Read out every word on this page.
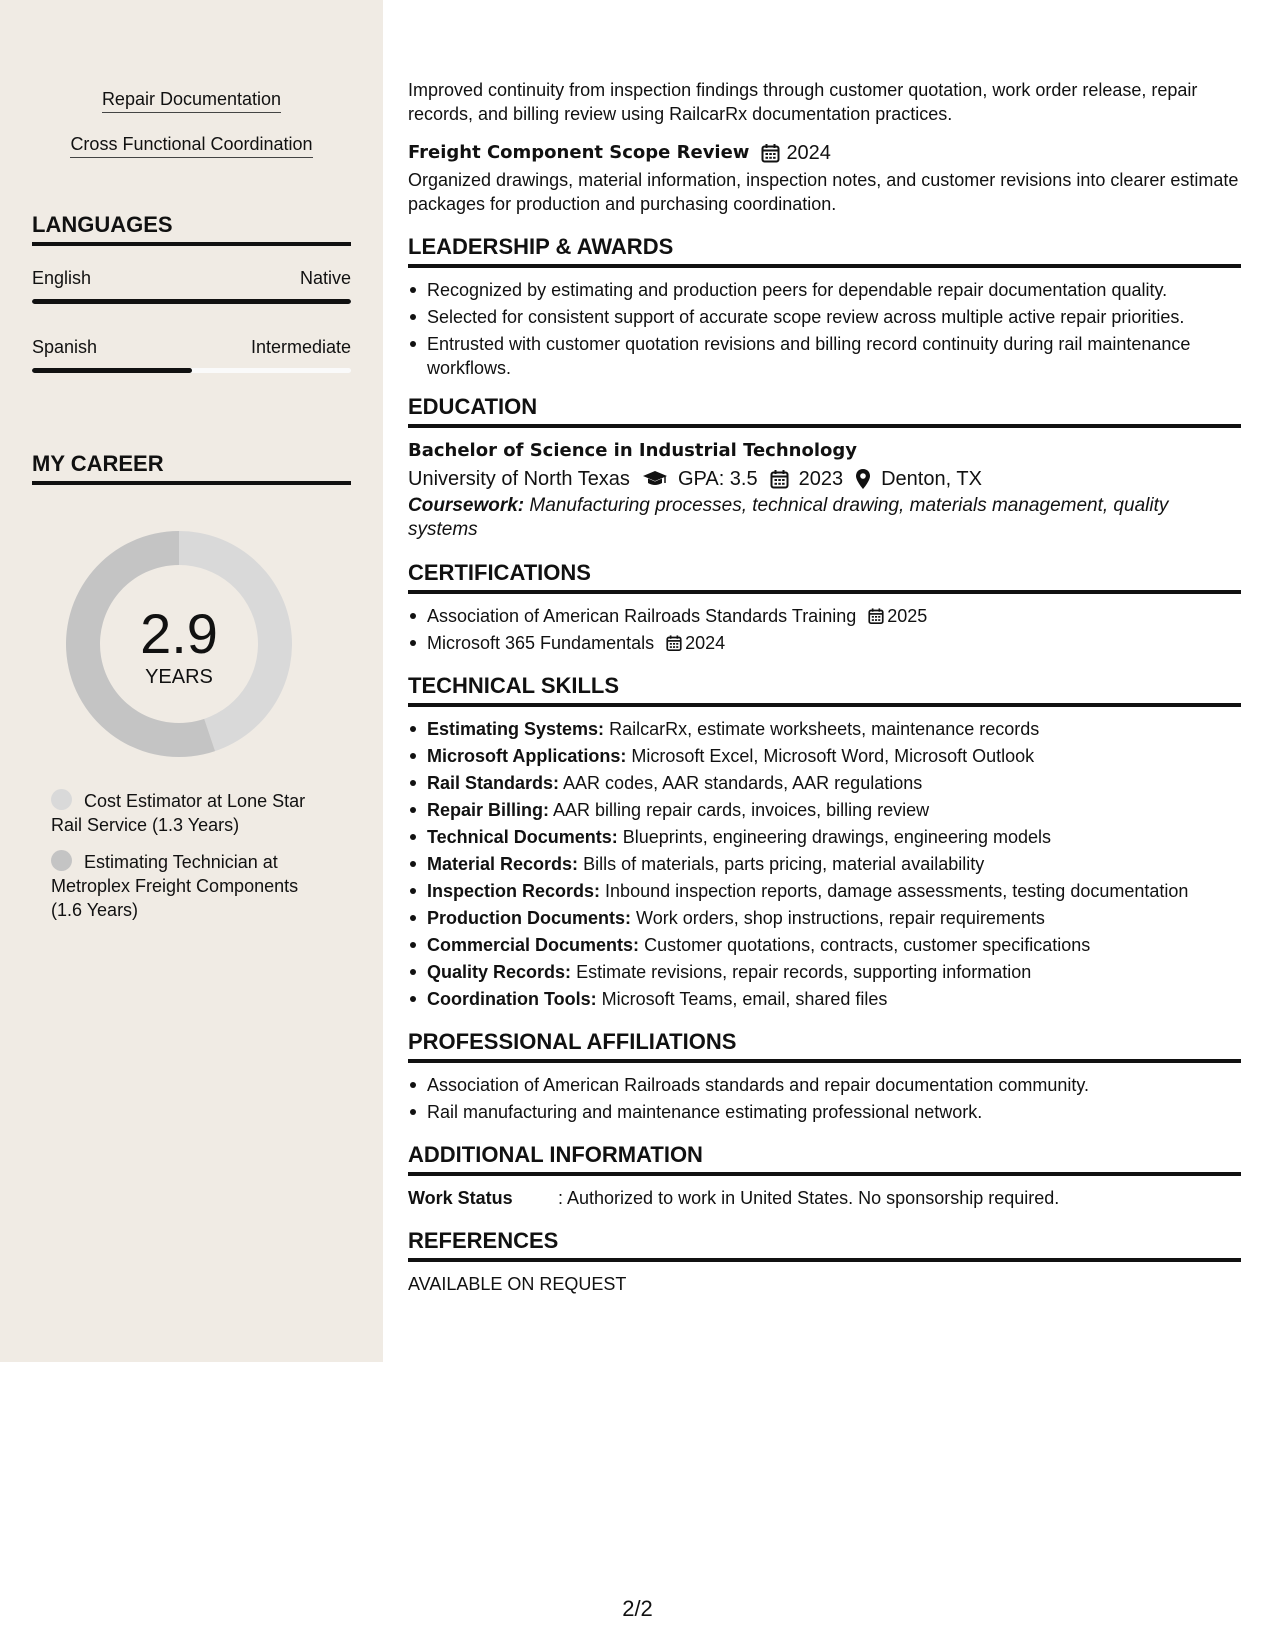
Repair Documentation
Cross Functional Coordination
LANGUAGES
English	Native
Spanish	Intermediate
MY CAREER
2.9
YEARS
Cost Estimator at Lone Star Rail Service (1.3 Years)
Estimating Technician at Metroplex Freight Components (1.6 Years)

Improved continuity from inspection findings through customer quotation, work order release, repair records, and billing review using RailcarRx documentation practices.

Freight Component Scope Review 2024

Organized drawings, material information, inspection notes, and customer revisions into clearer estimate packages for production and purchasing coordination.

LEADERSHIP & AWARDS
Recognized by estimating and production peers for dependable repair documentation quality.
Selected for consistent support of accurate scope review across multiple active repair priorities.
Entrusted with customer quotation revisions and billing record continuity during rail maintenance workflows.
EDUCATION
Bachelor of Science in Industrial Technology
University of North Texas GPA: 3.5 2023 Denton, TX

Coursework: Manufacturing processes, technical drawing, materials management, quality systems

CERTIFICATIONS
Association of American Railroads Standards Training 2025
Microsoft 365 Fundamentals 2024
TECHNICAL SKILLS
Estimating Systems: RailcarRx, estimate worksheets, maintenance records
Microsoft Applications: Microsoft Excel, Microsoft Word, Microsoft Outlook
Rail Standards: AAR codes, AAR standards, AAR regulations
Repair Billing: AAR billing repair cards, invoices, billing review
Technical Documents: Blueprints, engineering drawings, engineering models
Material Records: Bills of materials, parts pricing, material availability
Inspection Records: Inbound inspection reports, damage assessments, testing documentation
Production Documents: Work orders, shop instructions, repair requirements
Commercial Documents: Customer quotations, contracts, customer specifications
Quality Records: Estimate revisions, repair records, supporting information
Coordination Tools: Microsoft Teams, email, shared files
PROFESSIONAL AFFILIATIONS
Association of American Railroads standards and repair documentation community.
Rail manufacturing and maintenance estimating professional network.
ADDITIONAL INFORMATION
Work Status	: Authorized to work in United States. No sponsorship required.
REFERENCES

AVAILABLE ON REQUEST

2/2
